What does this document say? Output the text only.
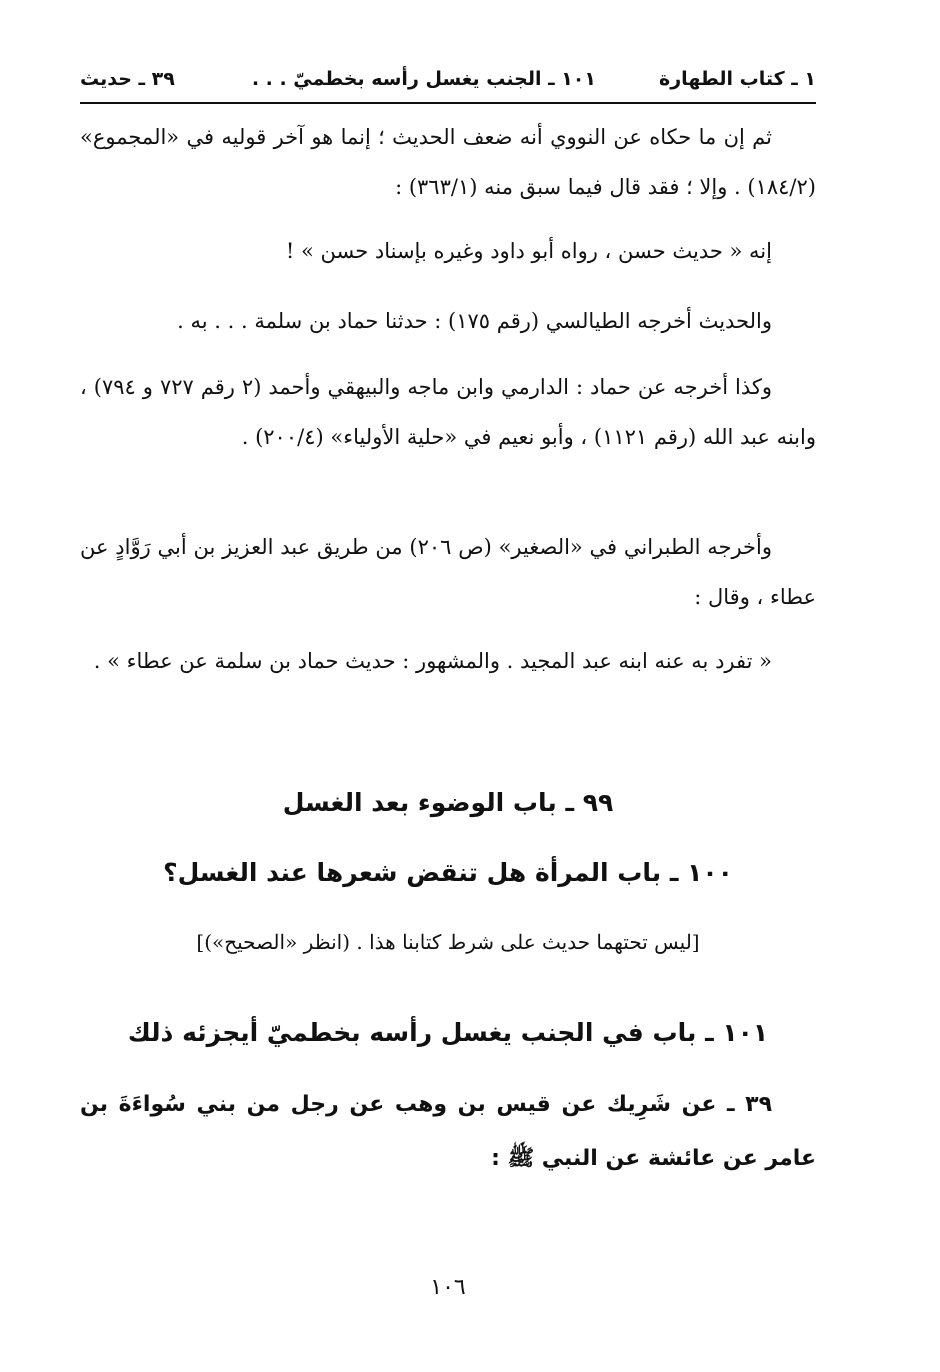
١ ـ كتاب الطهارة
١٠١ ـ الجنب يغسل رأسه بخطميّ . . .
٣٩ ـ حديث
ثم إن ما حكاه عن النووي أنه ضعف الحديث ؛ إنما هو آخر قوليه في «المجموع» (١٨٤/٢) . وإلا ؛ فقد قال فيما سبق منه (٣٦٣/١) :
إنه « حديث حسن ، رواه أبو داود وغيره بإسناد حسن » !
والحديث أخرجه الطيالسي (رقم ١٧٥) : حدثنا حماد بن سلمة . . . به .
وكذا أخرجه عن حماد : الدارمي وابن ماجه والبيهقي وأحمد (٢ رقم ٧٢٧ و ٧٩٤) ، وابنه عبد الله (رقم ١١٢١) ، وأبو نعيم في «حلية الأولياء» (٢٠٠/٤) .
وأخرجه الطبراني في «الصغير» (ص ٢٠٦) من طريق عبد العزيز بن أبي رَوَّادٍ عن عطاء ، وقال :
« تفرد به عنه ابنه عبد المجيد . والمشهور : حديث حماد بن سلمة عن عطاء » .
٩٩ ـ باب الوضوء بعد الغسل
١٠٠ ـ باب المرأة هل تنقض شعرها عند الغسل؟
[ليس تحتهما حديث على شرط كتابنا هذا . (انظر «الصحيح»)]
١٠١ ـ باب في الجنب يغسل رأسه بخطميّ أيجزئه ذلك
٣٩ ـ عن شَرِيك عن قيس بن وهب عن رجل من بني سُواءَةَ بن عامر عن عائشة عن النبي ﷺ :
١٠٦
